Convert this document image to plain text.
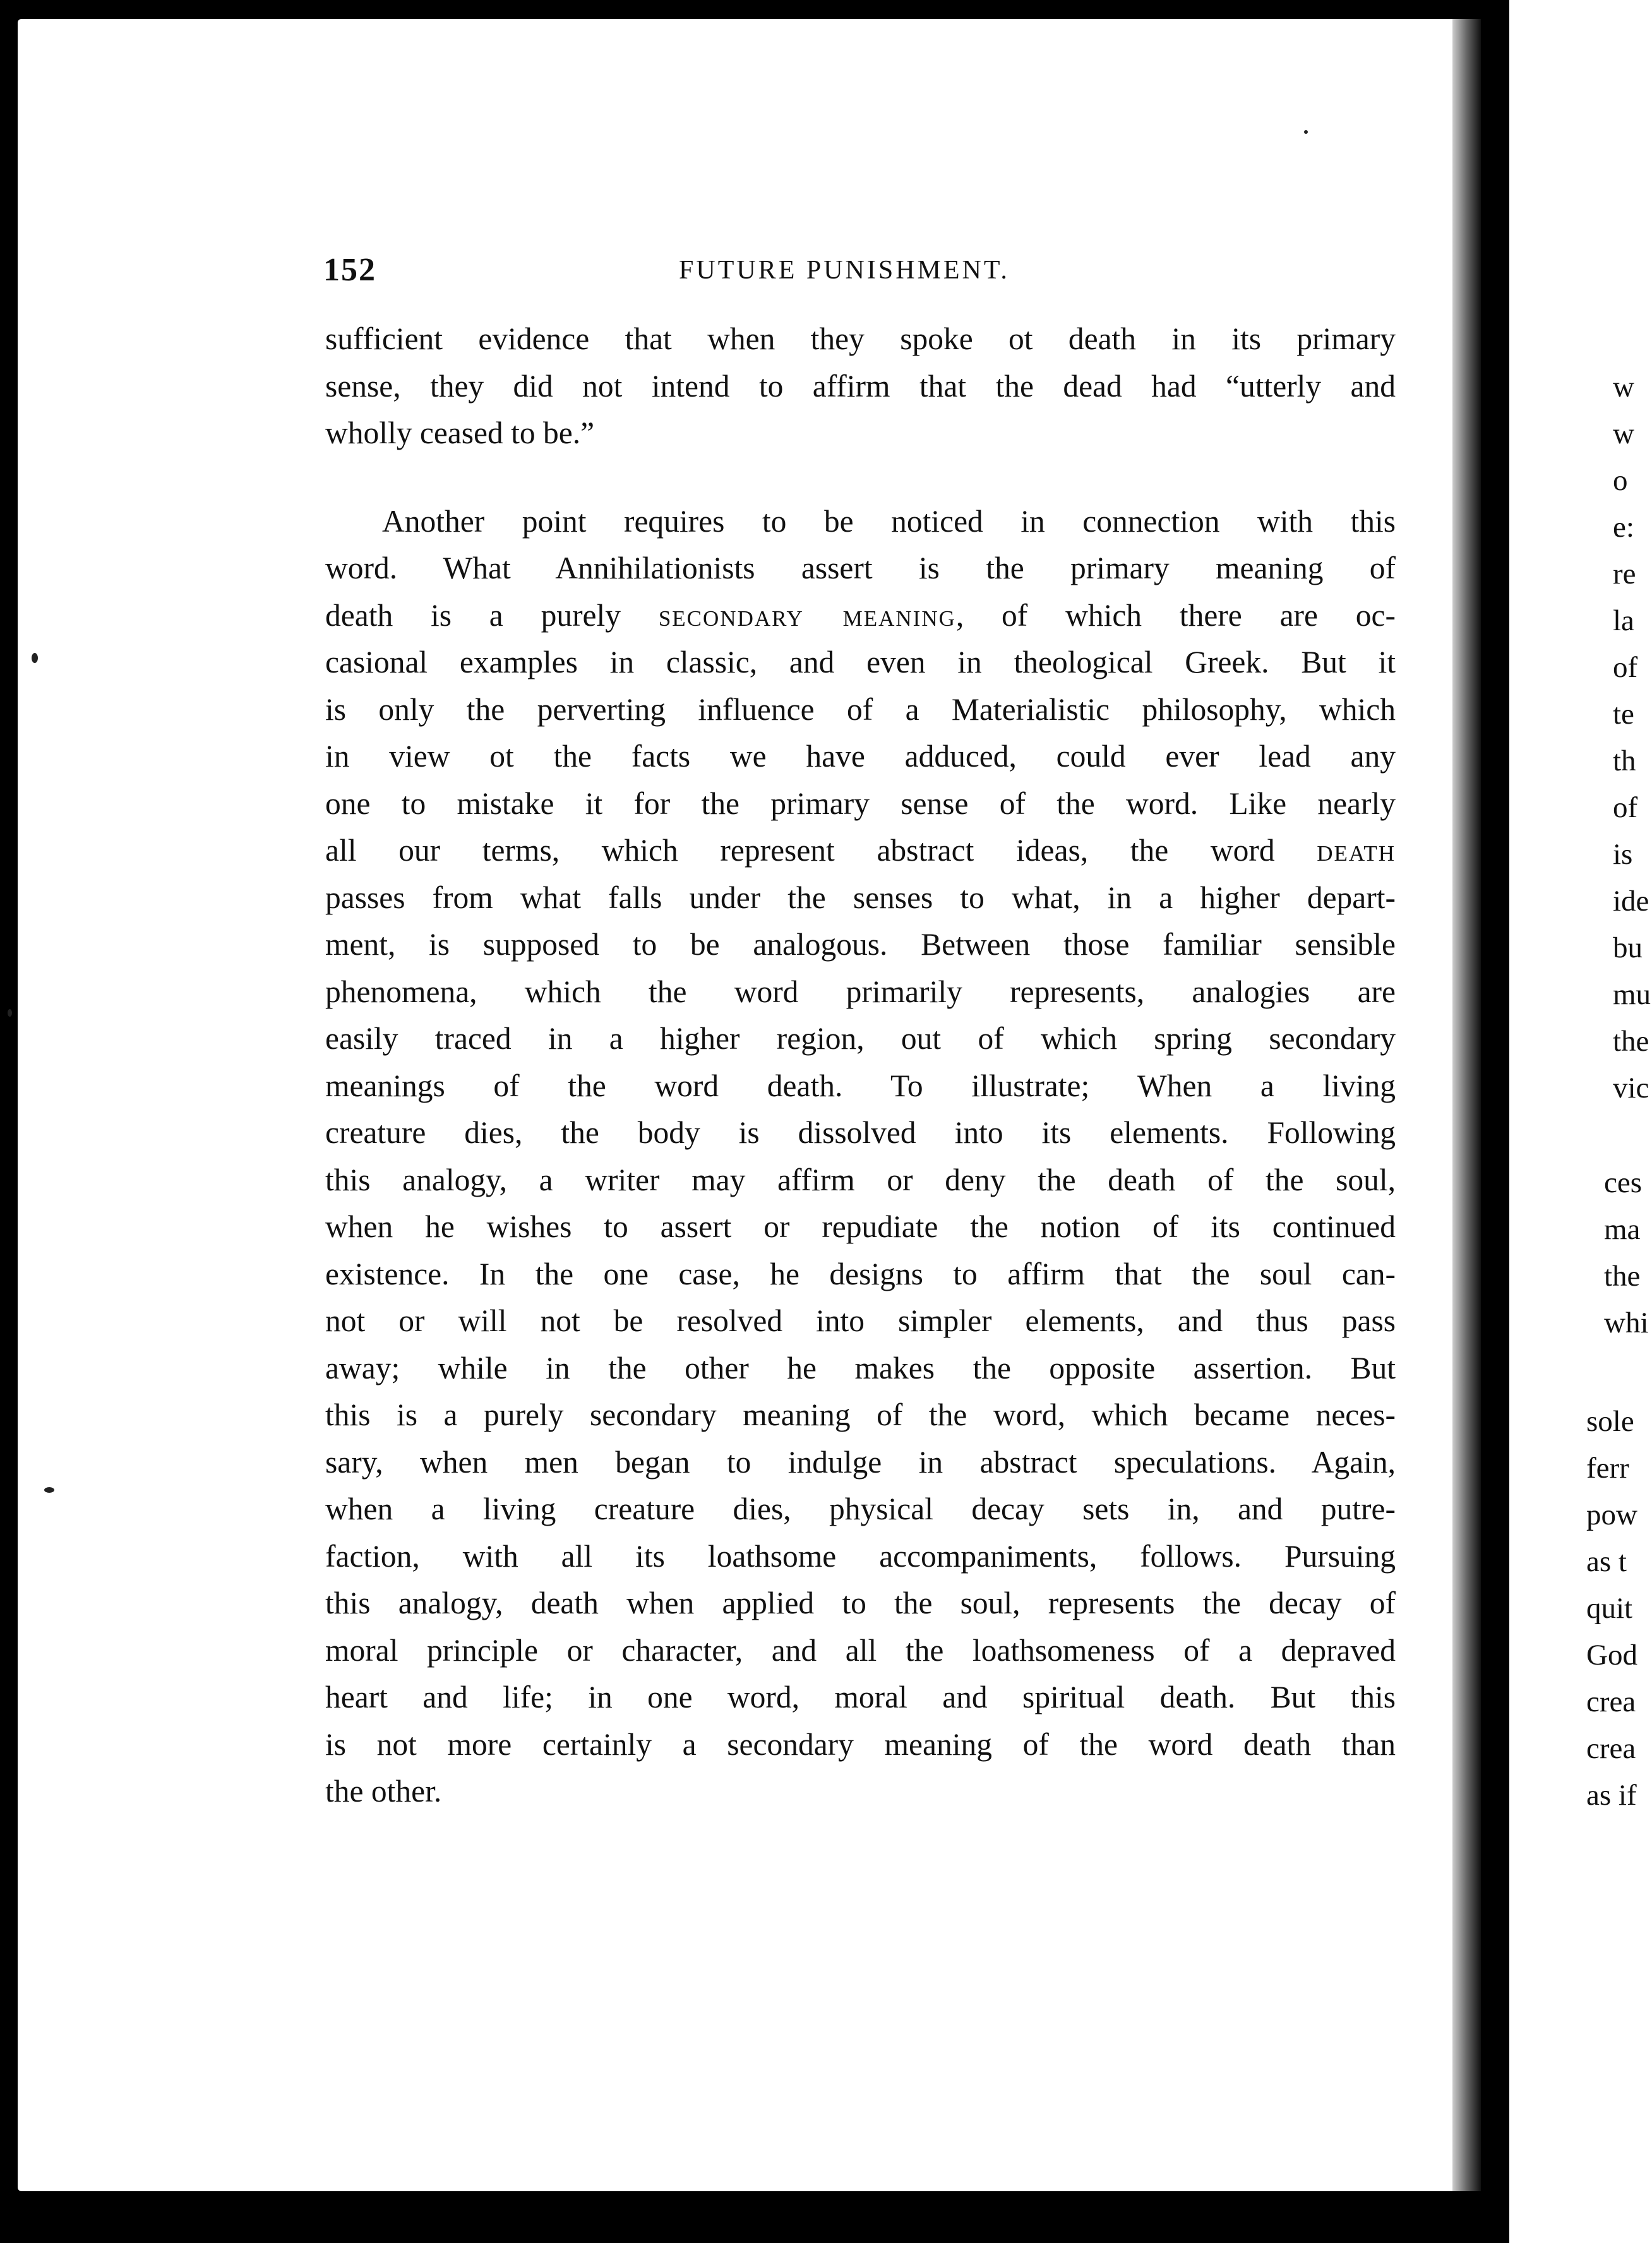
w
w
o
e:
re
la
of
te
th
of
is
ide
bu
mu
the
vic
ces
ma
the
whi
sole
ferr
pow
as t
quit
God
crea
crea
as if
152	FUTURE PUNISHMENT.
sufficient evidence that when they spoke ot death in its primary
sense, they did not intend to affirm that the dead had “utterly and
wholly ceased to be.”
Another point requires to be noticed in connection with this
word. What Annihilationists assert is the primary meaning of
death is a purely secondary meaning, of which there are oc-
casional examples in classic, and even in theological Greek. But it
is only the perverting influence of a Materialistic philosophy, which
in view ot the facts we have adduced, could ever lead any
one to mistake it for the primary sense of the word. Like nearly
all our terms, which represent abstract ideas, the word death
passes from what falls under the senses to what, in a higher depart-
ment, is supposed to be analogous. Between those familiar sensible
phenomena, which the word primarily represents, analogies are
easily traced in a higher region, out of which spring secondary
meanings of the word death. To illustrate; When a living
creature dies, the body is dissolved into its elements. Following
this analogy, a writer may affirm or deny the death of the soul,
when he wishes to assert or repudiate the notion of its continued
existence. In the one case, he designs to affirm that the soul can-
not or will not be resolved into simpler elements, and thus pass
away; while in the other he makes the opposite assertion. But
this is a purely secondary meaning of the word, which became neces-
sary, when men began to indulge in abstract speculations. Again,
when a living creature dies, physical decay sets in, and putre-
faction, with all its loathsome accompaniments, follows. Pursuing
this analogy, death when applied to the soul, represents the decay of
moral principle or character, and all the loathsomeness of a depraved
heart and life; in one word, moral and spiritual death. But this
is not more certainly a secondary meaning of the word death than
the other.
